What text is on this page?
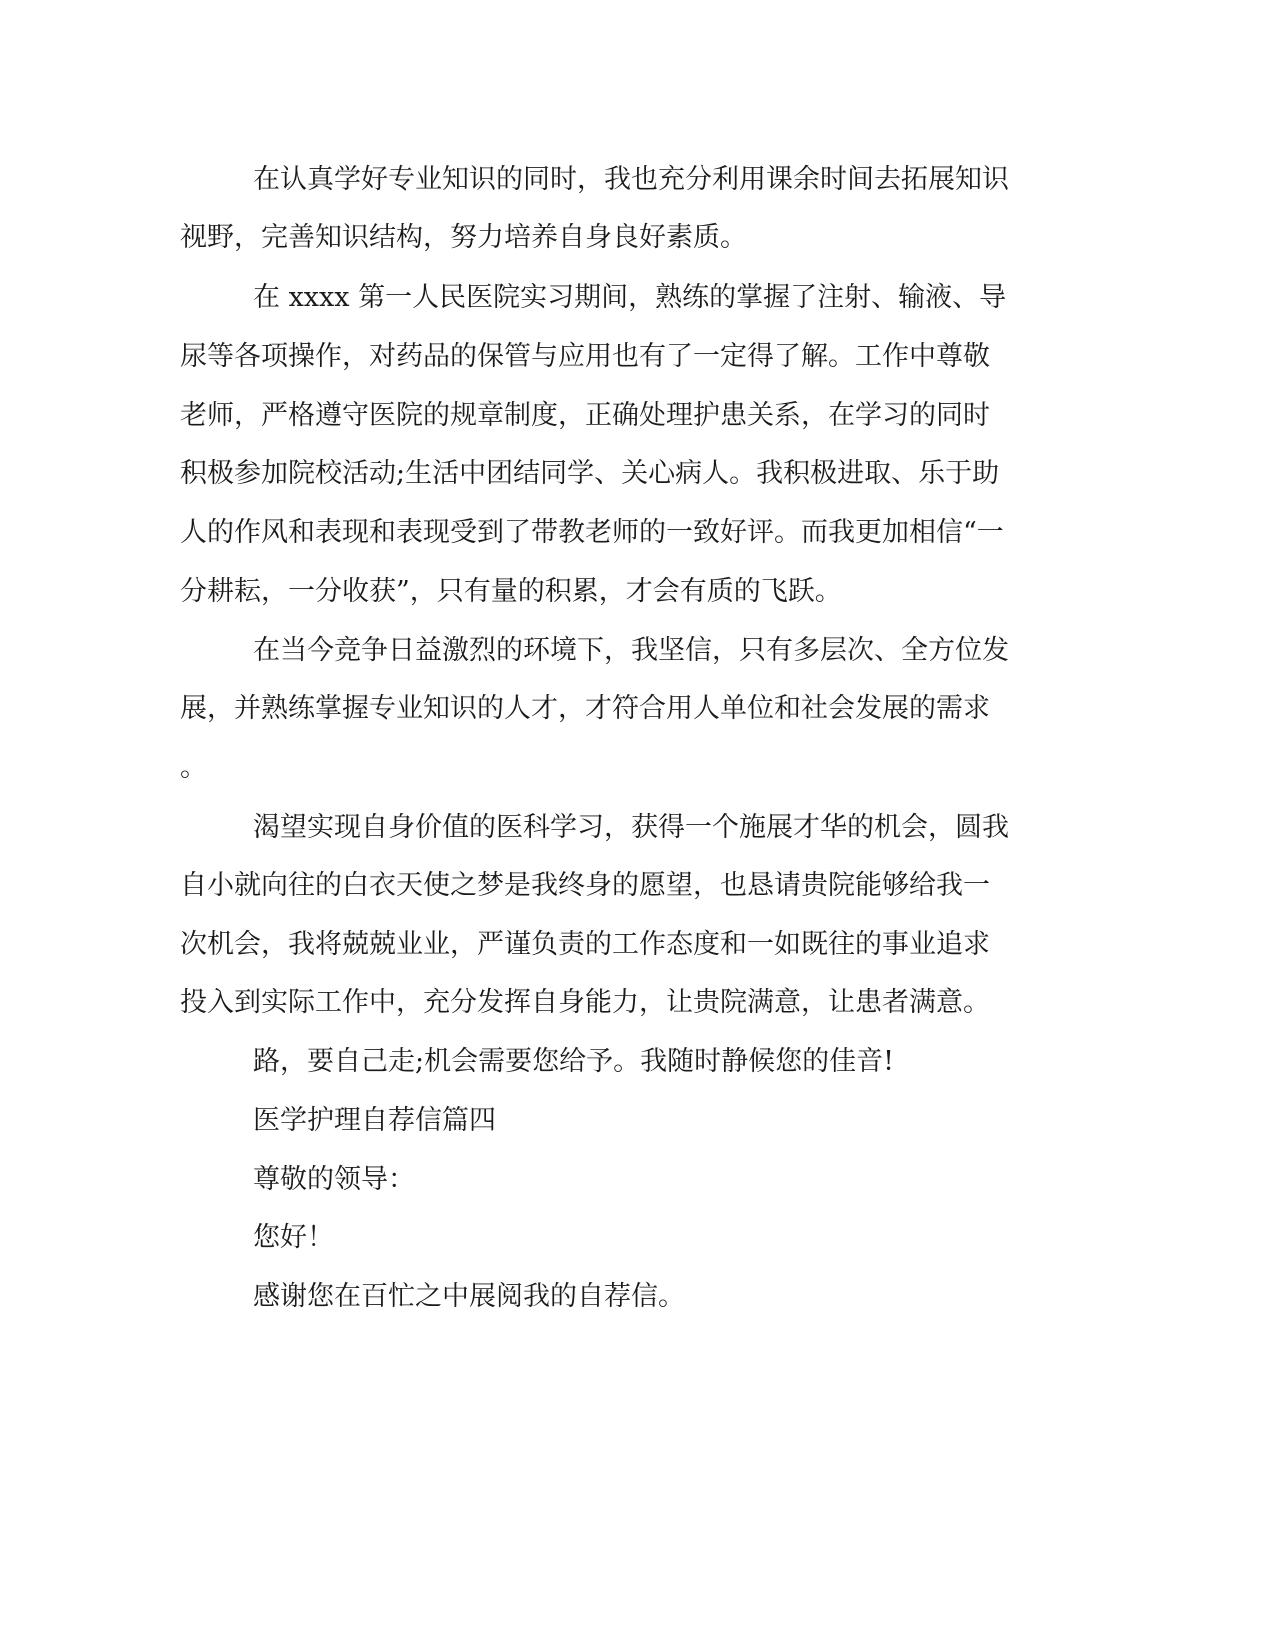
在认真学好专业知识的同时，我也充分利用课余时间去拓展知识

视野，完善知识结构，努力培养自身良好素质。

在 xxxx 第一人民医院实习期间，熟练的掌握了注射、输液、导

尿等各项操作，对药品的保管与应用也有了一定得了解。工作中尊敬

老师，严格遵守医院的规章制度，正确处理护患关系，在学习的同时

积极参加院校活动;生活中团结同学、关心病人。我积极进取、乐于助

人的作风和表现和表现受到了带教老师的一致好评。而我更加相信“一

分耕耘，一分收获”，只有量的积累，才会有质的飞跃。

在当今竞争日益激烈的环境下，我坚信，只有多层次、全方位发

展，并熟练掌握专业知识的人才，才符合用人单位和社会发展的需求

。

渴望实现自身价值的医科学习，获得一个施展才华的机会，圆我

自小就向往的白衣天使之梦是我终身的愿望，也恳请贵院能够给我一

次机会，我将兢兢业业，严谨负责的工作态度和一如既往的事业追求

投入到实际工作中，充分发挥自身能力，让贵院满意，让患者满意。

路，要自己走;机会需要您给予。我随时静候您的佳音!

医学护理自荐信篇四

尊敬的领导：

您好！

感谢您在百忙之中展阅我的自荐信。
